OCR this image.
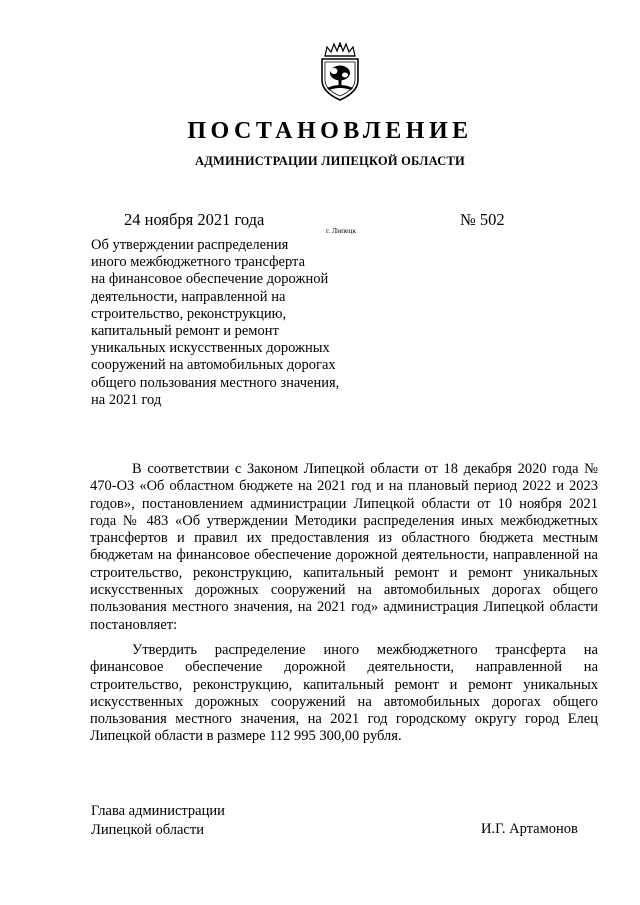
ПОСТАНОВЛЕНИЕ
АДМИНИСТРАЦИИ ЛИПЕЦКОЙ ОБЛАСТИ
24 ноября 2021 года
г. Липецк
№ 502
Об утверждении распределения
иного межбюджетного трансферта
на финансовое обеспечение дорожной
деятельности, направленной на
строительство, реконструкцию,
капитальный ремонт и ремонт
уникальных искусственных дорожных
сооружений на автомобильных дорогах
общего пользования местного значения,
на 2021 год

В соответствии с Законом Липецкой области от 18 декабря 2020 года № 470-ОЗ «Об областном бюджете на 2021 год и на плановый период 2022 и 2023 годов», постановлением администрации Липецкой области от 10 ноября 2021 года № 483 «Об утверждении Методики распределения иных межбюджетных трансфертов и правил их предоставления из областного бюджета местным бюджетам на финансовое обеспечение дорожной деятельности, направленной на строительство, реконструкцию, капитальный ремонт и ремонт уникальных искусственных дорожных сооружений на автомобильных дорогах общего пользования местного значения, на 2021 год» администрация Липецкой области постановляет:

Утвердить распределение иного межбюджетного трансферта на финансовое обеспечение дорожной деятельности, направленной на строительство, реконструкцию, капитальный ремонт и ремонт уникальных искусственных дорожных сооружений на автомобильных дорогах общего пользования местного значения, на 2021 год городскому округу город Елец Липецкой области в размере 112 995 300,00 рубля.

Глава администрации
Липецкой области	И.Г. Артамонов
